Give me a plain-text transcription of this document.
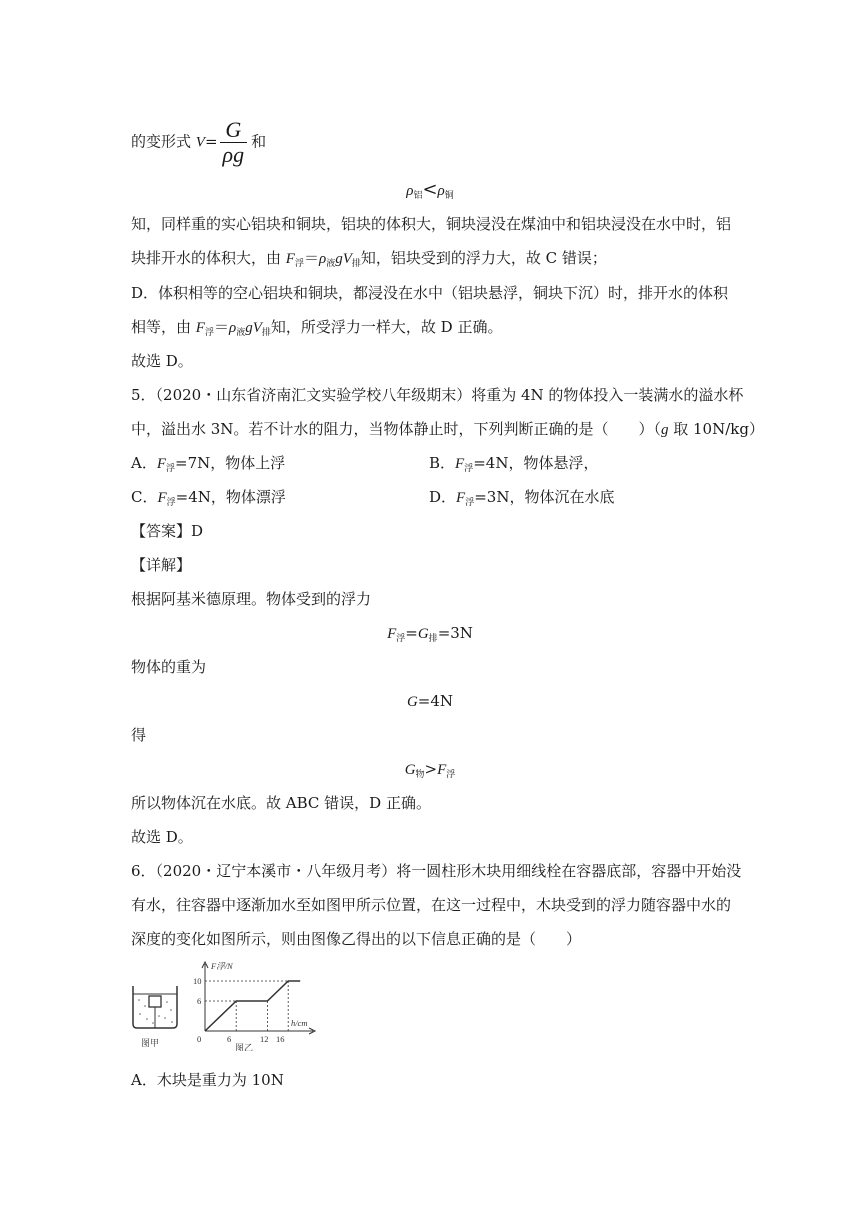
的变形式 $V= \frac{G}{\rho g}$ 和
$\rho_铝<\rho_铜$
知，同样重的实心铝块和铜块，铝块的体积大，铜块浸没在煤油中和铝块浸没在水中时，铝
块排开水的体积大，由 $F_浮=\rho_液gV_排$知，铝块受到的浮力大，故 C 错误；
D．体积相等的空心铝块和铜块，都浸没在水中（铝块悬浮，铜块下沉）时，排开水的体积
相等，由 $F_浮=\rho_液gV_排$知，所受浮力一样大，故 D 正确。
故选 D。
5．（2020・山东省济南汇文实验学校八年级期末）将重为 4N 的物体投入一装满水的溢水杯
中，溢出水 3N。若不计水的阻力，当物体静止时，下列判断正确的是（　　）（g 取 10N/kg）
A．$F_浮=7N$，物体上浮	B．$F_浮=4N$，物体悬浮，
C．$F_浮=4N$，物体漂浮	D．$F_浮=3N$，物体沉在水底
【答案】D
【详解】
根据阿基米德原理。物体受到的浮力
$F_浮=G_排=3N$
物体的重为
G=4N
得
$G_物>F_浮$
所以物体沉在水底。故 ABC 错误，D 正确。
故选 D。
6．（2020・辽宁本溪市・八年级月考）将一圆柱形木块用细线栓在容器底部，容器中开始没
有水，往容器中逐渐加水至如图甲所示位置，在这一过程中，木块受到的浮力随容器中水的
深度的变化如图所示，则由图像乙得出的以下信息正确的是（　　）
图甲
F浮/N
h/cm
10
6
0	6	12 16
图乙
A．木块是重力为 10N
